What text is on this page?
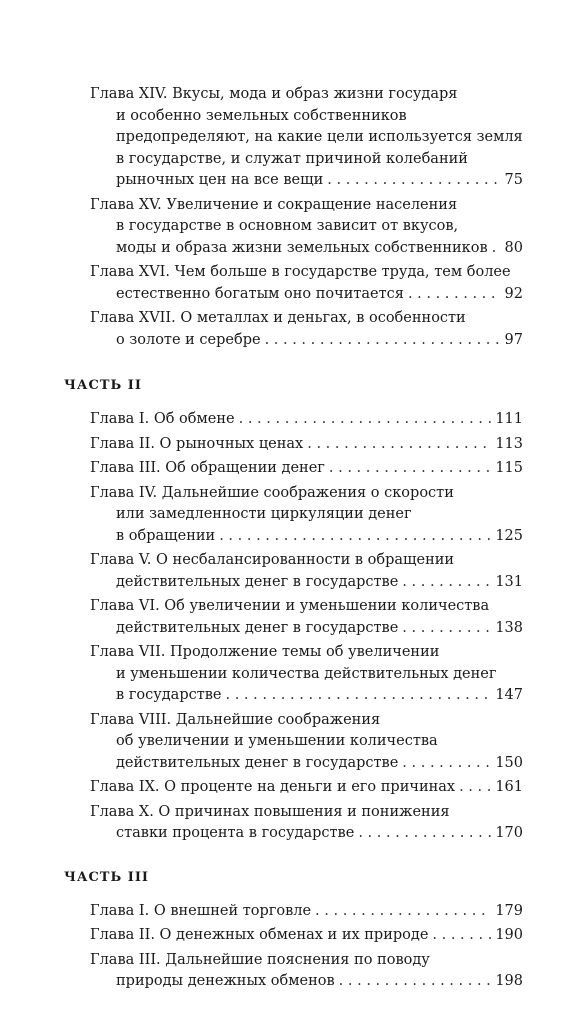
Глава XIV. Вкусы, мода и образ жизни государя
и особенно земельных собственников
предопределяют, на какие цели используется земля
в государстве, и служат причиной колебаний
рыночных цен на все вещи . . .	75
Глава XV. Увеличение и сокращение населения
в государстве в основном зависит от вкусов,
моды и образа жизни земельных собственников . . . 80
Глава XVI. Чем больше в государстве труда, тем более
естественно богатым оно почитается . . .	92
Глава XVII. О металлах и деньгах, в особенности
о золоте и серебре . . .	97
ЧАСТЬ II
Глава I. Об обмене . . .	111
Глава II. О рыночных ценах . . .	113
Глава III. Об обращении денег . . .	115
Глава IV. Дальнейшие соображения о скорости
или замедленности циркуляции денег
в обращении . . .	125
Глава V. О несбалансированности в обращении
действительных денег в государстве . . .	131
Глава VI. Об увеличении и уменьшении количества
действительных денег в государстве . . .	138
Глава VII. Продолжение темы об увеличении
и уменьшении количества действительных денег
в государстве . . .	147
Глава VIII. Дальнейшие соображения
об увеличении и уменьшении количества
действительных денег в государстве . . .	150
Глава IX. О проценте на деньги и его причинах . . .	161
Глава X. О причинах повышения и понижения
ставки процента в государстве . . .	170
ЧАСТЬ III
Глава I. О внешней торговле . . .	179
Глава II. О денежных обменах и их природе . . .	190
Глава III. Дальнейшие пояснения по поводу
природы денежных обменов . . .	198
